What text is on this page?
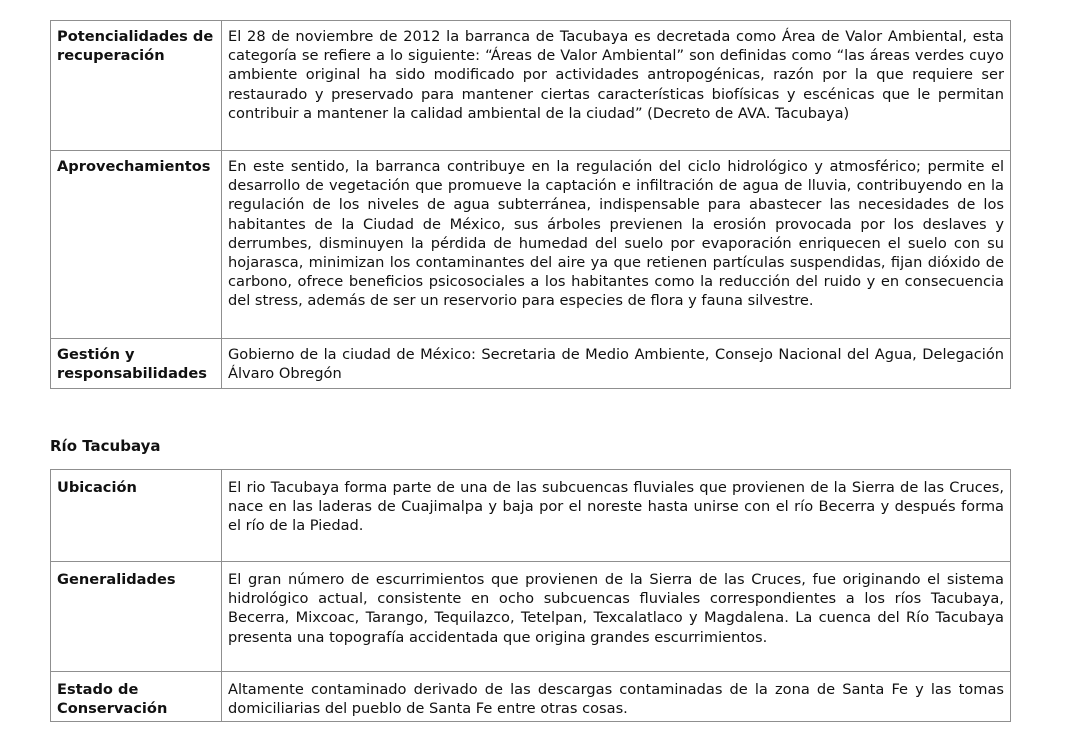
Potencialidades de recuperación	El 28 de noviembre de 2012 la barranca de Tacubaya es decretada como Área de Valor Ambiental, esta categoría se refiere a lo siguiente: “Áreas de Valor Ambiental” son definidas como “las áreas verdes cuyo ambiente original ha sido modificado por actividades antropogénicas, razón por la que requiere ser restaurado y preservado para mantener ciertas características biofísicas y escénicas que le permitan contribuir a mantener la calidad ambiental de la ciudad” (Decreto de AVA. Tacubaya)
Aprovechamientos	En este sentido, la barranca contribuye en la regulación del ciclo hidrológico y atmosférico; permite el desarrollo de vegetación que promueve la captación e infiltración de agua de lluvia, contribuyendo en la regulación de los niveles de agua subterránea, indispensable para abastecer las necesidades de los habitantes de la Ciudad de México, sus árboles previenen la erosión provocada por los deslaves y derrumbes, disminuyen la pérdida de humedad del suelo por evaporación enriquecen el suelo con su hojarasca, minimizan los contaminantes del aire ya que retienen partículas suspendidas, fijan dióxido de carbono, ofrece beneficios psicosociales a los habitantes como la reducción del ruido y en consecuencia del stress, además de ser un reservorio para especies de flora y fauna silvestre.
Gestión y responsabilidades	Gobierno de la ciudad de México: Secretaria de Medio Ambiente, Consejo Nacional del Agua, Delegación Álvaro Obregón
Río Tacubaya
Ubicación	El rio Tacubaya forma parte de una de las subcuencas fluviales que provienen de la Sierra de las Cruces, nace en las laderas de Cuajimalpa y baja por el noreste hasta unirse con el río Becerra y después forma el río de la Piedad.
Generalidades	El gran número de escurrimientos que provienen de la Sierra de las Cruces, fue originando el sistema hidrológico actual, consistente en ocho subcuencas fluviales correspondientes a los ríos Tacubaya, Becerra, Mixcoac, Tarango, Tequilazco, Tetelpan, Texcalatlaco y Magdalena. La cuenca del Río Tacubaya presenta una topografía accidentada que origina grandes escurrimientos.
Estado de Conservación	Altamente contaminado derivado de las descargas contaminadas de la zona de Santa Fe y las tomas domiciliarias del pueblo de Santa Fe entre otras cosas.
